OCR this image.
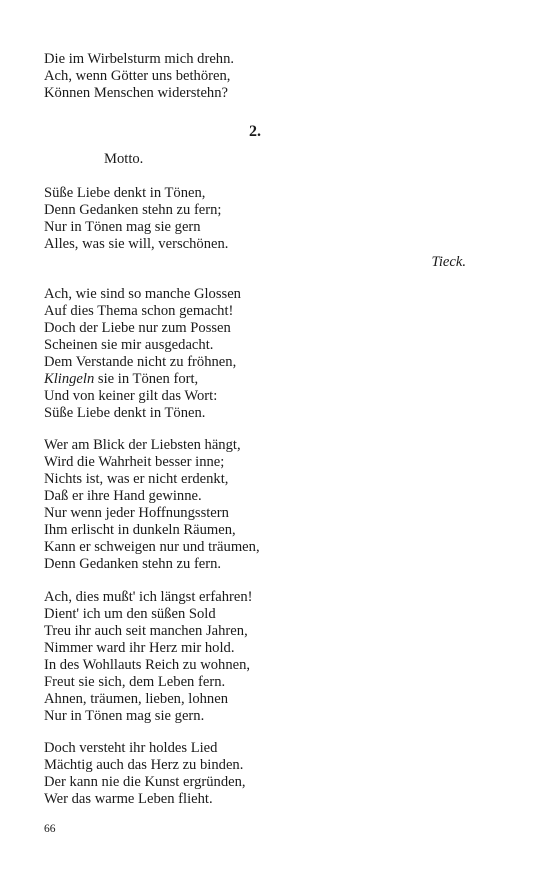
Die im Wirbelsturm mich drehn.
Ach, wenn Götter uns bethören,
Können Menschen widerstehn?
2.
Motto.
Süße Liebe denkt in Tönen,
Denn Gedanken stehn zu fern;
Nur in Tönen mag sie gern
Alles, was sie will, verschönen.
Tieck.
Ach, wie sind so manche Glossen
Auf dies Thema schon gemacht!
Doch der Liebe nur zum Possen
Scheinen sie mir ausgedacht.
Dem Verstande nicht zu fröhnen,
Klingeln sie in Tönen fort,
Und von keiner gilt das Wort:
Süße Liebe denkt in Tönen.
Wer am Blick der Liebsten hängt,
Wird die Wahrheit besser inne;
Nichts ist, was er nicht erdenkt,
Daß er ihre Hand gewinne.
Nur wenn jeder Hoffnungsstern
Ihm erlischt in dunkeln Räumen,
Kann er schweigen nur und träumen,
Denn Gedanken stehn zu fern.
Ach, dies mußt' ich längst erfahren!
Dient' ich um den süßen Sold
Treu ihr auch seit manchen Jahren,
Nimmer ward ihr Herz mir hold.
In des Wohllauts Reich zu wohnen,
Freut sie sich, dem Leben fern.
Ahnen, träumen, lieben, lohnen
Nur in Tönen mag sie gern.
Doch versteht ihr holdes Lied
Mächtig auch das Herz zu binden.
Der kann nie die Kunst ergründen,
Wer das warme Leben flieht.
66
